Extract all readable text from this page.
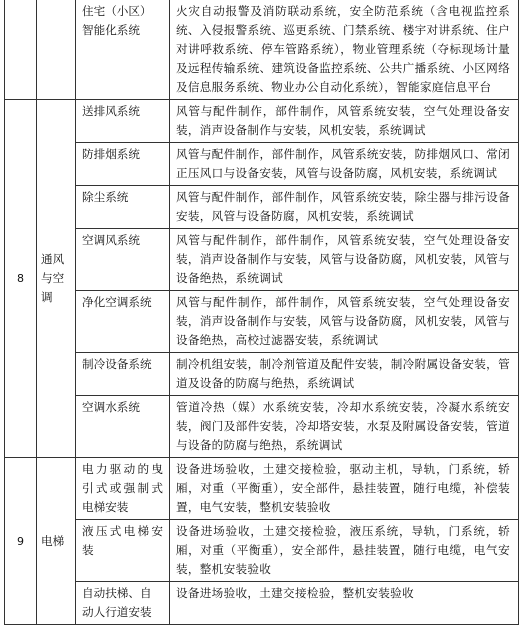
		住宅（小区）智能化系统	火灾自动报警及消防联动系统，安全防范系统（含电视监控系统、入侵报警系统、巡更系统、门禁系统、楼宇对讲系统、住户对讲呼救系统、停车管路系统），物业管理系统（夺标现场计量及远程传输系统、建筑设备监控系统、公共广播系统、小区网络及信息服务系统、物业办公自动化系统），智能家庭信息平台
8	通风与空调	送排风系统	风管与配件制作，部件制作，风管系统安装，空气处理设备安装，消声设备制作与安装，风机安装，系统调试
		防排烟系统	风管与配件制作，部件制作，风管系统安装，防排烟风口、常闭正压风口与设备安装，风管与设备防腐，风机安装，系统调试
		除尘系统	风管与配件制作，部件制作，风管系统安装，除尘器与排污设备安装，风管与设备防腐，风机安装，系统调试
		空调风系统	风管与配件制作，部件制作，风管系统安装，空气处理设备安装，消声设备制作与安装，风管与设备防腐，风机安装，风管与设备绝热，系统调试
		净化空调系统	风管与配件制作，部件制作，风管系统安装，空气处理设备安装，消声设备制作与安装，风管与设备防腐，风机安装，风管与设备绝热，高校过滤器安装，系统调试
		制冷设备系统	制冷机组安装，制冷剂管道及配件安装，制冷附属设备安装，管道及设备的防腐与绝热，系统调试
		空调水系统	管道冷热（媒）水系统安装，冷却水系统安装，冷凝水系统安装，阀门及部件安装，冷却塔安装，水泵及附属设备安装，管道与设备的防腐与绝热，系统调试
9	电梯	电力驱动的曳引式或强制式电梯安装	设备进场验收，土建交接检验，驱动主机，导轨，门系统，轿厢，对重（平衡重），安全部件，悬挂装置，随行电缆，补偿装置，电气安装，整机安装验收
		液压式电梯安装	设备进场验收，土建交接检验，液压系统，导轨，门系统，轿厢，对重（平衡重），安全部件，悬挂装置，随行电缆，电气安装，整机安装验收
		自动扶梯、自动人行道安装	设备进场验收，土建交接检验，整机安装验收
